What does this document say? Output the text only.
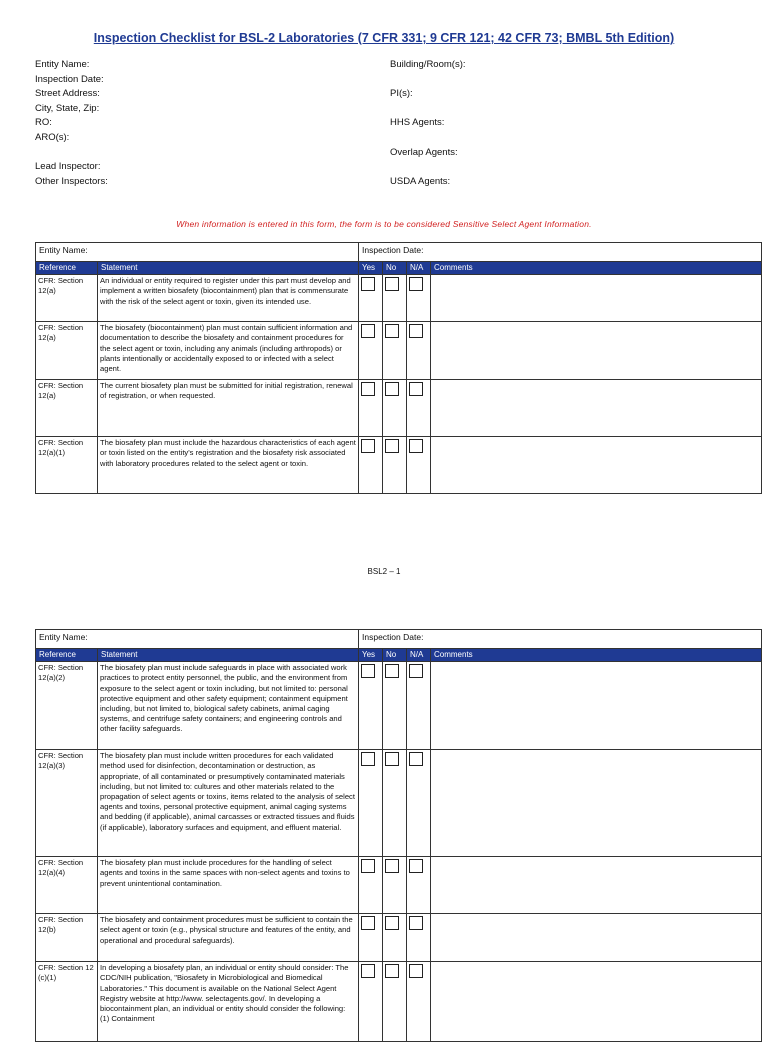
Inspection Checklist for BSL-2 Laboratories (7 CFR 331; 9 CFR 121; 42 CFR 73; BMBL 5th Edition)
Entity Name:
Inspection Date:
Street Address:
City, State, Zip:
RO:
ARO(s):
Lead Inspector:
Other Inspectors:
Building/Room(s):
PI(s):
HHS Agents:
Overlap Agents:
USDA Agents:
When information is entered in this form, the form is to be considered Sensitive Select Agent Information.
Entity Name:		Inspection Date:			
Reference	Statement	Yes	No	N/A	Comments
CFR: Section 12(a)	An individual or entity required to register under this part must develop and implement a written biosafety (biocontainment) plan that is commensurate with the risk of the select agent or toxin, given its intended use.				
CFR: Section 12(a)	The biosafety (biocontainment) plan must contain sufficient information and documentation to describe the biosafety and containment procedures for the select agent or toxin, including any animals (including arthropods) or plants intentionally or accidentally exposed to or infected with a select agent.				
CFR: Section 12(a)	The current biosafety plan must be submitted for initial registration, renewal of registration, or when requested.				
CFR: Section 12(a)(1)	The biosafety plan must include the hazardous characteristics of each agent or toxin listed on the entity's registration and the biosafety risk associated with laboratory procedures related to the select agent or toxin.				
BSL2 – 1
Entity Name:		Inspection Date:			
Reference	Statement	Yes	No	N/A	Comments
CFR: Section 12(a)(2)	The biosafety plan must include safeguards in place with associated work practices to protect entity personnel, the public, and the environment from exposure to the select agent or toxin including, but not limited to: personal protective equipment and other safety equipment; containment equipment including, but not limited to, biological safety cabinets, animal caging systems, and centrifuge safety containers; and engineering controls and other facility safeguards.				
CFR: Section 12(a)(3)	The biosafety plan must include written procedures for each validated method used for disinfection, decontamination or destruction, as appropriate, of all contaminated or presumptively contaminated materials including, but not limited to: cultures and other materials related to the propagation of select agents or toxins, items related to the analysis of select agents and toxins, personal protective equipment, animal caging systems and bedding (if applicable), animal carcasses or extracted tissues and fluids (if applicable), laboratory surfaces and equipment, and effluent material.				
CFR: Section 12(a)(4)	The biosafety plan must include procedures for the handling of select agents and toxins in the same spaces with non-select agents and toxins to prevent unintentional contamination.				
CFR: Section 12(b)	The biosafety and containment procedures must be sufficient to contain the select agent or toxin (e.g., physical structure and features of the entity, and operational and procedural safeguards).				
CFR: Section 12 (c)(1)	In developing a biosafety plan, an individual or entity should consider: The CDC/NIH publication, "Biosafety in Microbiological and Biomedical Laboratories." This document is available on the National Select Agent Registry website at http://www. selectagents.gov/. In developing a biocontainment plan, an individual or entity should consider the following: (1) Containment				
